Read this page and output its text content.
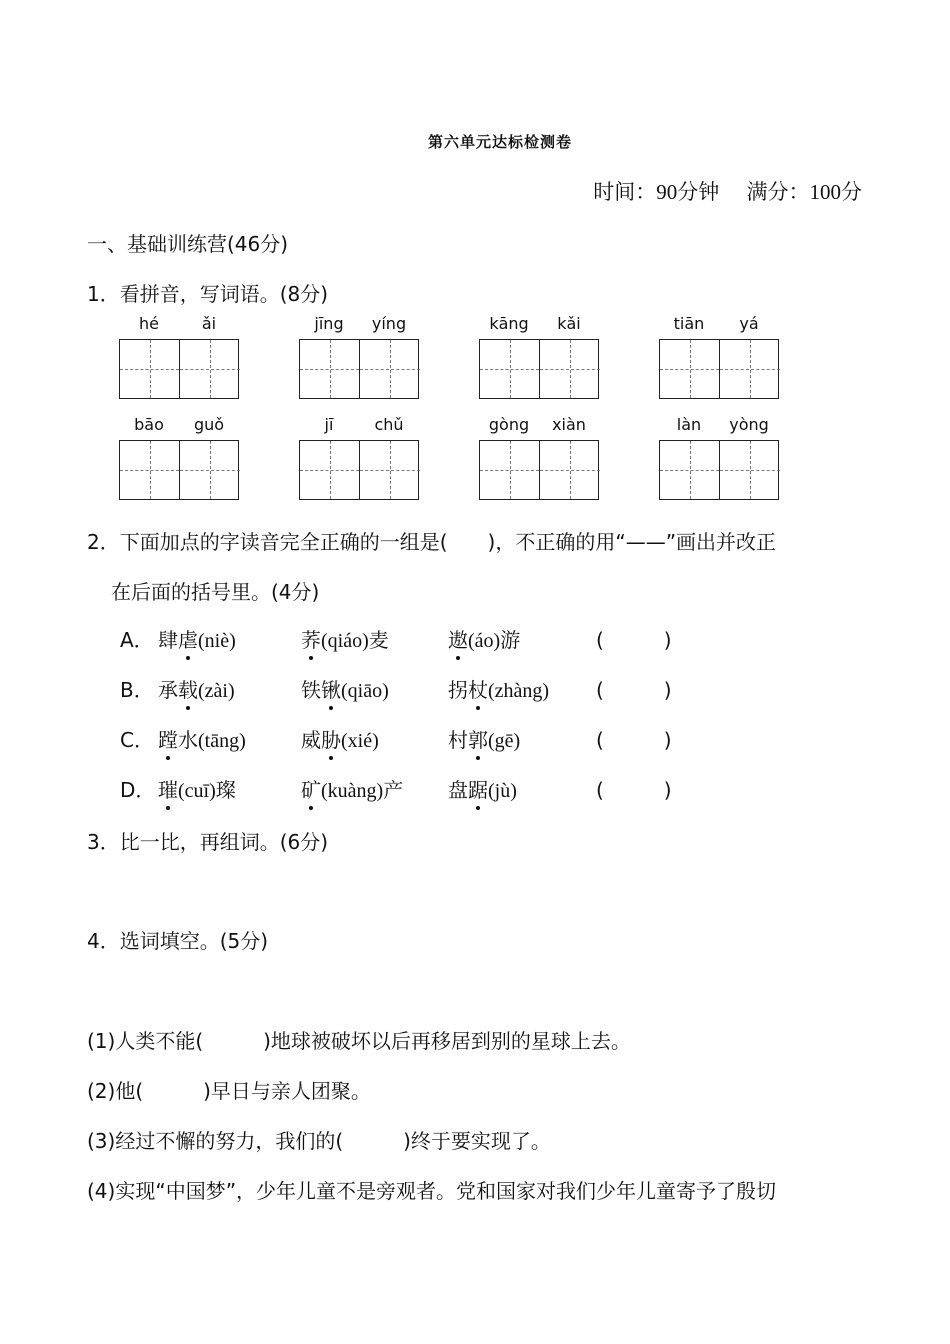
第六单元达标检测卷
时间：90分钟 满分：100分
一、基础训练营(46分)
1．看拼音，写词语。(8分)
hé	ǎi	jīng	yíng	kāng	kǎi	tiān	yá
bāo	guǒ	jī	chǔ	gòng	xiàn	làn	yòng
2．下面加点的字读音完全正确的一组是(　　)，不正确的用“——”画出并改正
在后面的括号里。(4分)
A． 肆虐(niè)	荞(qiáo)麦	遨(áo)游	(　　　)
B． 承载(zài)	铁锹(qiāo)	拐杖(zhàng) (　　　)
C． 蹚水(tāng)	威胁(xié)	村郭(gē)	(　　　)
D． 璀(cuī)璨	矿(kuàng)产 盘踞(jù)	(　　　)
3．比一比，再组词。(6分)
4．选词填空。(5分)
(1)人类不能(　　　)地球被破坏以后再移居到别的星球上去。
(2)他(　　　)早日与亲人团聚。
(3)经过不懈的努力，我们的(　　　)终于要实现了。
(4)实现“中国梦”，少年儿童不是旁观者。党和国家对我们少年儿童寄予了殷切
